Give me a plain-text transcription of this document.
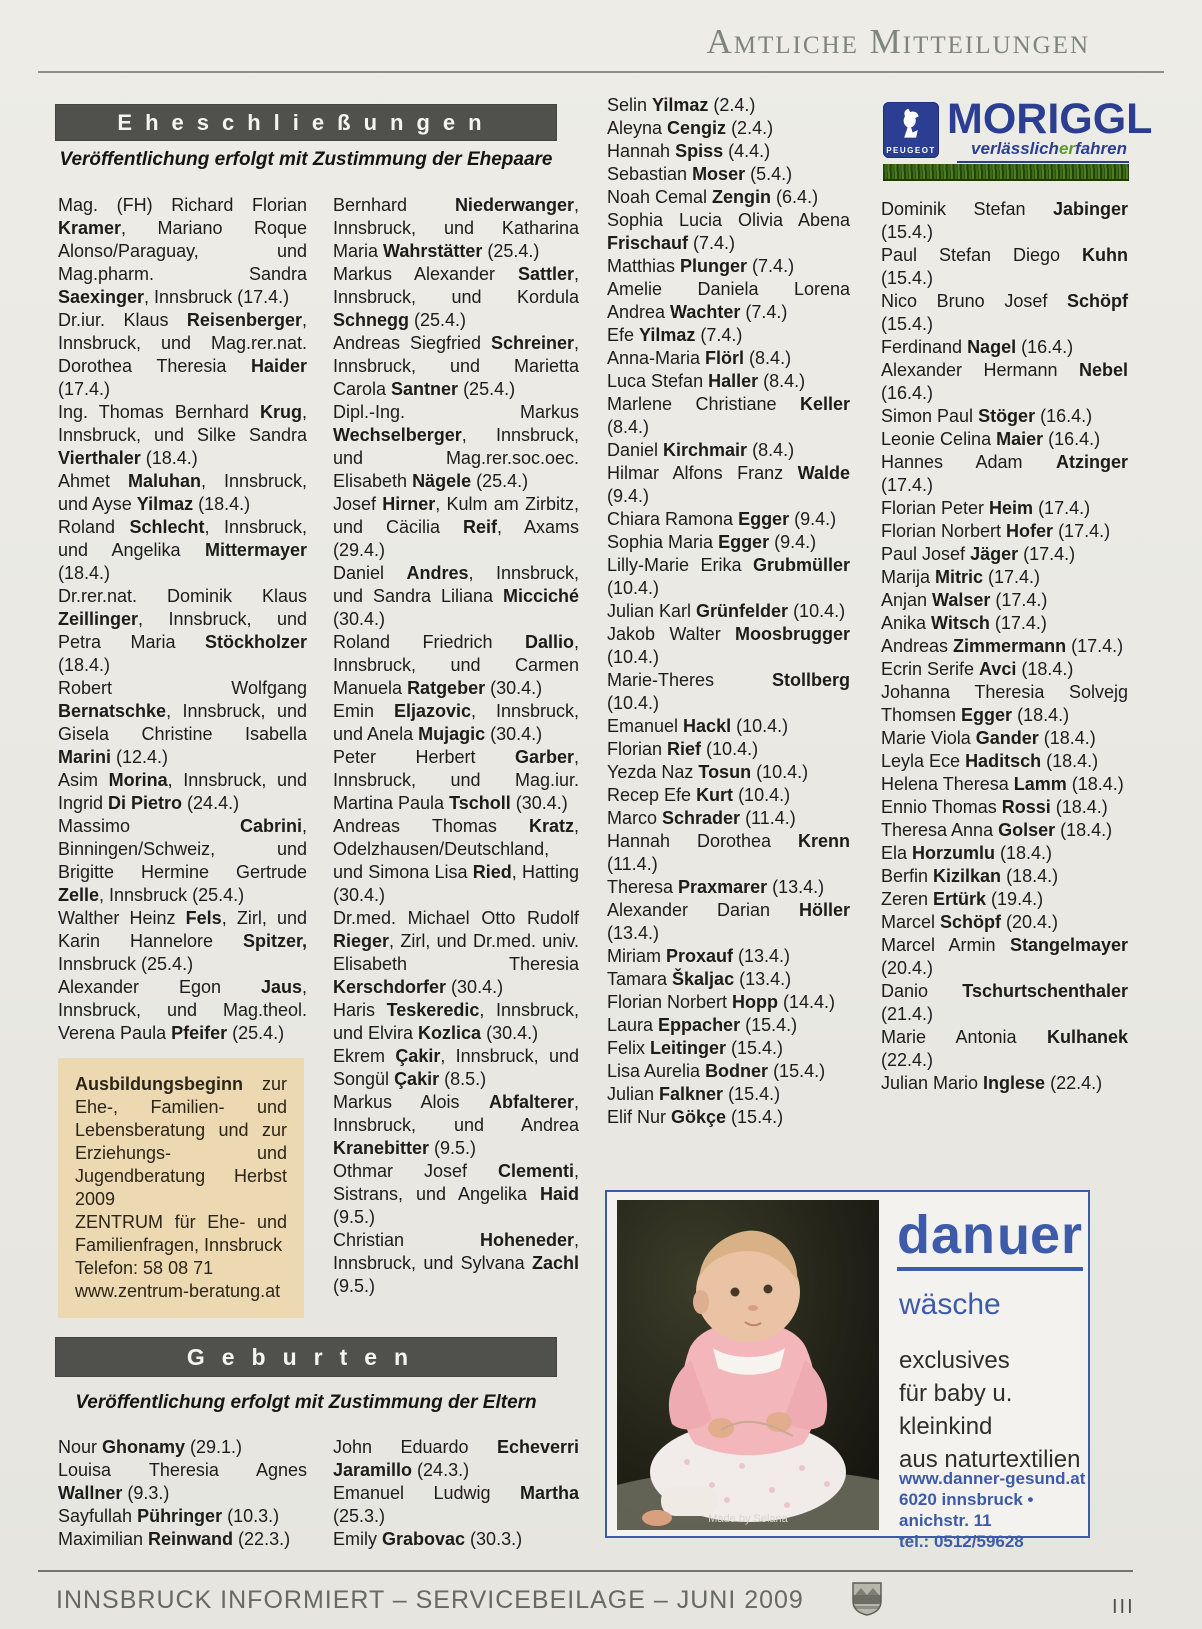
Amtliche Mitteilungen
Eheschließungen
Veröffentlichung erfolgt mit Zustimmung der Ehepaare

Mag. (FH) Richard Florian Kramer, Mariano Roque Alonso/Paraguay, und Mag.pharm. Sandra Saexinger, Innsbruck (17.4.)

Dr.iur. Klaus Reisenberger, Innsbruck, und Mag.rer.nat. Dorothea Theresia Haider (17.4.)

Ing. Thomas Bernhard Krug, Innsbruck, und Silke Sandra Vierthaler (18.4.)

Ahmet Maluhan, Innsbruck, und Ayse Yilmaz (18.4.)

Roland Schlecht, Innsbruck, und Angelika Mittermayer (18.4.)

Dr.rer.nat. Dominik Klaus Zeillinger, Innsbruck, und Petra Maria Stöckholzer (18.4.)

Robert Wolfgang Bernatschke, Innsbruck, und Gisela Christine Isabella Marini (12.4.)

Asim Morina, Innsbruck, und Ingrid Di Pietro (24.4.)

Massimo Cabrini, Binningen/Schweiz, und Brigitte Hermine Gertrude Zelle, Innsbruck (25.4.)

Walther Heinz Fels, Zirl, und Karin Hannelore Spitzer, Innsbruck (25.4.)

Alexander Egon Jaus, Innsbruck, und Mag.theol. Verena Paula Pfeifer (25.4.)

Bernhard Niederwanger, Innsbruck, und Katharina Maria Wahrstätter (25.4.)

Markus Alexander Sattler, Innsbruck, und Kordula Schnegg (25.4.)

Andreas Siegfried Schreiner, Innsbruck, und Marietta Carola Santner (25.4.)

Dipl.-Ing. Markus Wechselberger, Innsbruck, und Mag.rer.soc.oec. Elisabeth Nägele (25.4.)

Josef Hirner, Kulm am Zirbitz, und Cäcilia Reif, Axams (29.4.)

Daniel Andres, Innsbruck, und Sandra Liliana Micciché (30.4.)

Roland Friedrich Dallio, Innsbruck, und Carmen Manuela Ratgeber (30.4.)

Emin Eljazovic, Innsbruck, und Anela Mujagic (30.4.)

Peter Herbert Garber, Innsbruck, und Mag.iur. Martina Paula Tscholl (30.4.)

Andreas Thomas Kratz, Odelzhausen/Deutschland, und Simona Lisa Ried, Hatting (30.4.)

Dr.med. Michael Otto Rudolf Rieger, Zirl, und Dr.med. univ. Elisabeth Theresia Kerschdorfer (30.4.)

Haris Teskeredic, Innsbruck, und Elvira Kozlica (30.4.)

Ekrem Çakir, Innsbruck, und Songül Çakir (8.5.)

Markus Alois Abfalterer, Innsbruck, und Andrea Kranebitter (9.5.)

Othmar Josef Clementi, Sistrans, und Angelika Haid (9.5.)

Christian Hoheneder, Innsbruck, und Sylvana Zachl (9.5.)

Ausbildungsbeginn zur Ehe-, Familien- und Lebensberatung und zur Erziehungs- und Jugendberatung Herbst 2009

ZENTRUM für Ehe- und Familienfragen, Innsbruck

Telefon: 58 08 71

www.zentrum-beratung.at

Selin Yilmaz (2.4.)

Aleyna Cengiz (2.4.)

Hannah Spiss (4.4.)

Sebastian Moser (5.4.)

Noah Cemal Zengin (6.4.)

Sophia Lucia Olivia Abena Frischauf (7.4.)

Matthias Plunger (7.4.)

Amelie Daniela Lorena Andrea Wachter (7.4.)

Efe Yilmaz (7.4.)

Anna-Maria Flörl (8.4.)

Luca Stefan Haller (8.4.)

Marlene Christiane Keller (8.4.)

Daniel Kirchmair (8.4.)

Hilmar Alfons Franz Walde (9.4.)

Chiara Ramona Egger (9.4.)

Sophia Maria Egger (9.4.)

Lilly-Marie Erika Grubmüller (10.4.)

Julian Karl Grünfelder (10.4.)

Jakob Walter Moosbrugger (10.4.)

Marie-Theres Stollberg (10.4.)

Emanuel Hackl (10.4.)

Florian Rief (10.4.)

Yezda Naz Tosun (10.4.)

Recep Efe Kurt (10.4.)

Marco Schrader (11.4.)

Hannah Dorothea Krenn (11.4.)

Theresa Praxmarer (13.4.)

Alexander Darian Höller (13.4.)

Miriam Proxauf (13.4.)

Tamara Škaljac (13.4.)

Florian Norbert Hopp (14.4.)

Laura Eppacher (15.4.)

Felix Leitinger (15.4.)

Lisa Aurelia Bodner (15.4.)

Julian Falkner (15.4.)

Elif Nur Gökçe (15.4.)

Dominik Stefan Jabinger (15.4.)

Paul Stefan Diego Kuhn (15.4.)

Nico Bruno Josef Schöpf (15.4.)

Ferdinand Nagel (16.4.)

Alexander Hermann Nebel (16.4.)

Simon Paul Stöger (16.4.)

Leonie Celina Maier (16.4.)

Hannes Adam Atzinger (17.4.)

Florian Peter Heim (17.4.)

Florian Norbert Hofer (17.4.)

Paul Josef Jäger (17.4.)

Marija Mitric (17.4.)

Anjan Walser (17.4.)

Anika Witsch (17.4.)

Andreas Zimmermann (17.4.)

Ecrin Serife Avci (18.4.)

Johanna Theresia Solvejg Thomsen Egger (18.4.)

Marie Viola Gander (18.4.)

Leyla Ece Haditsch (18.4.)

Helena Theresa Lamm (18.4.)

Ennio Thomas Rossi (18.4.)

Theresa Anna Golser (18.4.)

Ela Horzumlu (18.4.)

Berfin Kizilkan (18.4.)

Zeren Ertürk (19.4.)

Marcel Schöpf (20.4.)

Marcel Armin Stangelmayer (20.4.)

Danio Tschurtschenthaler (21.4.)

Marie Antonia Kulhanek (22.4.)

Julian Mario Inglese (22.4.)

PEUGEOT
MORIGGL
verlässlicherfahren
Geburten
Veröffentlichung erfolgt mit Zustimmung der Eltern

Nour Ghonamy (29.1.)

Louisa Theresia Agnes Wallner (9.3.)

Sayfullah Pühringer (10.3.)

Maximilian Reinwand (22.3.)

John Eduardo Echeverri Jaramillo (24.3.)

Emanuel Ludwig Martha (25.3.)

Emily Grabovac (30.3.)

Made by Selana
danner
wäsche
exclusives
für baby u. kleinkind
aus naturtextilien
www.danner-gesund.at
6020 innsbruck • anichstr. 11
tel.: 0512/59628
INNSBRUCK INFORMIERT – SERVICEBEILAGE – JUNI 2009	III
